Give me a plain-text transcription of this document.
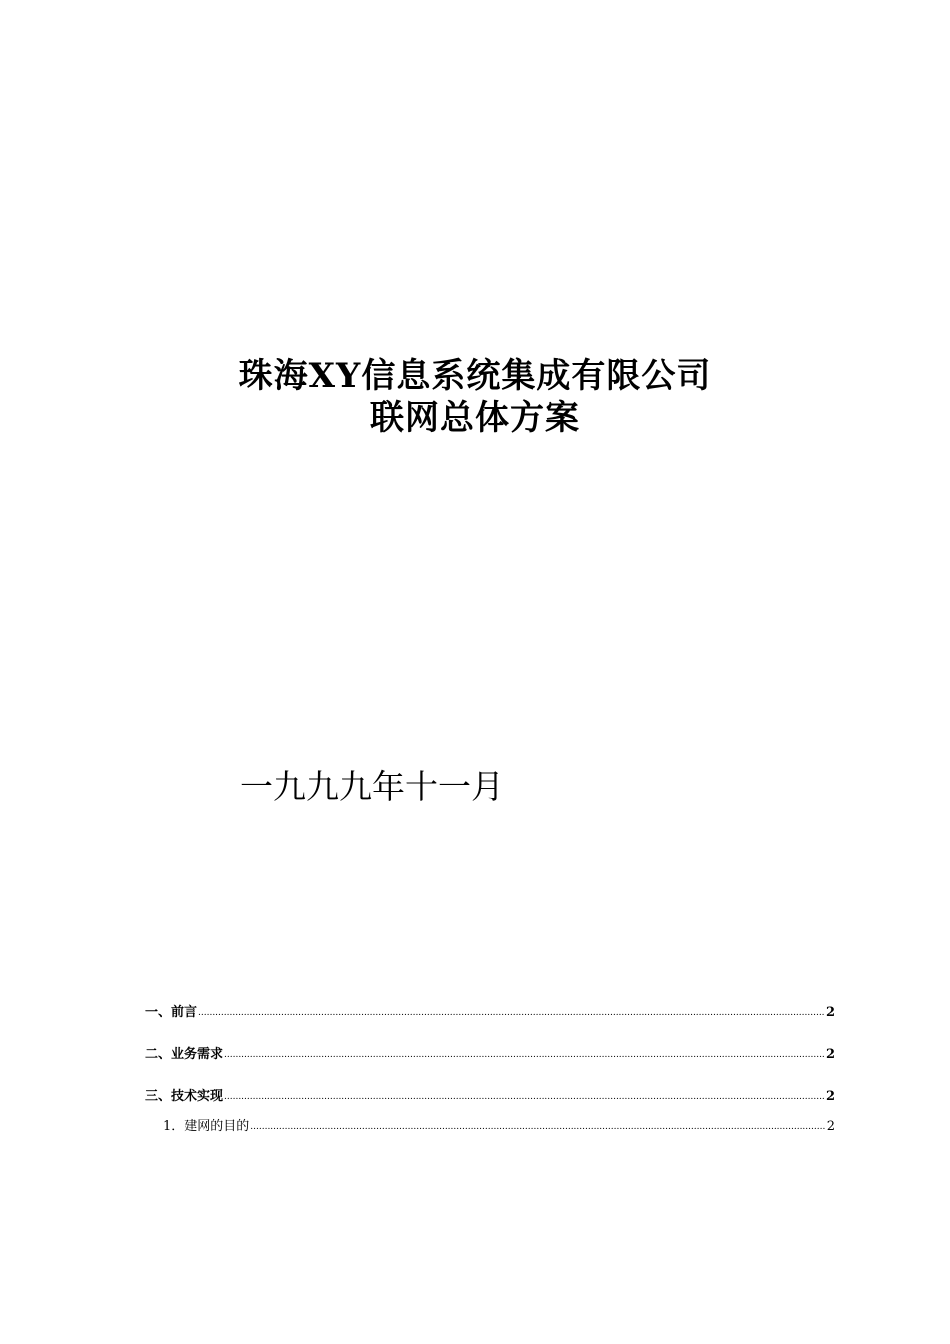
珠海XY信息系统集成有限公司
联网总体方案
一九九九年十一月
一、前言 .....	2
二、业务需求 .....	2
三、技术实现 .....	2
1．建网的目的 .....	2
